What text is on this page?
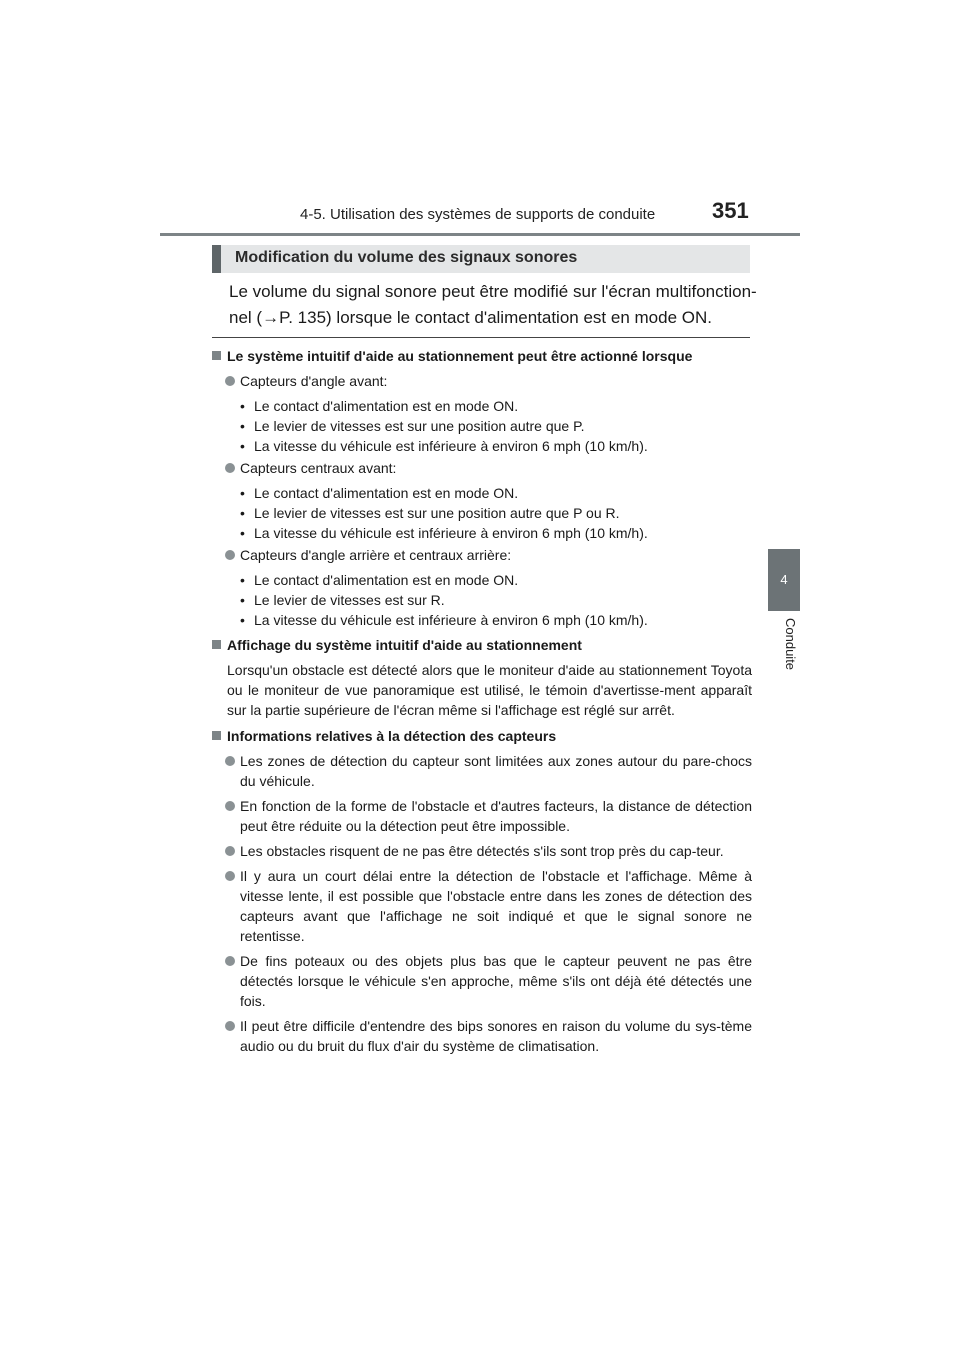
4-5. Utilisation des systèmes de supports de conduite	351
4
Conduite
Modification du volume des signaux sonores

Le volume du signal sonore peut être modifié sur l'écran multifonction-

nel (→P. 135) lorsque le contact d'alimentation est en mode ON.

Le système intuitif d'aide au stationnement peut être actionné lorsque
Capteurs d'angle avant:
• Le contact d'alimentation est en mode ON.
• Le levier de vitesses est sur une position autre que P.
• La vitesse du véhicule est inférieure à environ 6 mph (10 km/h).
Capteurs centraux avant:
• Le contact d'alimentation est en mode ON.
• Le levier de vitesses est sur une position autre que P ou R.
• La vitesse du véhicule est inférieure à environ 6 mph (10 km/h).
Capteurs d'angle arrière et centraux arrière:
• Le contact d'alimentation est en mode ON.
• Le levier de vitesses est sur R.
• La vitesse du véhicule est inférieure à environ 6 mph (10 km/h).
Affichage du système intuitif d'aide au stationnement
Lorsqu'un obstacle est détecté alors que le moniteur d'aide au stationnement Toyota ou le moniteur de vue panoramique est utilisé, le témoin d'avertisse-ment apparaît sur la partie supérieure de l'écran même si l'affichage est réglé sur arrêt.
Informations relatives à la détection des capteurs
Les zones de détection du capteur sont limitées aux zones autour du pare-chocs du véhicule.
En fonction de la forme de l'obstacle et d'autres facteurs, la distance de détection peut être réduite ou la détection peut être impossible.
Les obstacles risquent de ne pas être détectés s'ils sont trop près du cap-teur.
Il y aura un court délai entre la détection de l'obstacle et l'affichage. Même à vitesse lente, il est possible que l'obstacle entre dans les zones de détection des capteurs avant que l'affichage ne soit indiqué et que le signal sonore ne retentisse.
De fins poteaux ou des objets plus bas que le capteur peuvent ne pas être détectés lorsque le véhicule s'en approche, même s'ils ont déjà été détectés une fois.
Il peut être difficile d'entendre des bips sonores en raison du volume du sys-tème audio ou du bruit du flux d'air du système de climatisation.
